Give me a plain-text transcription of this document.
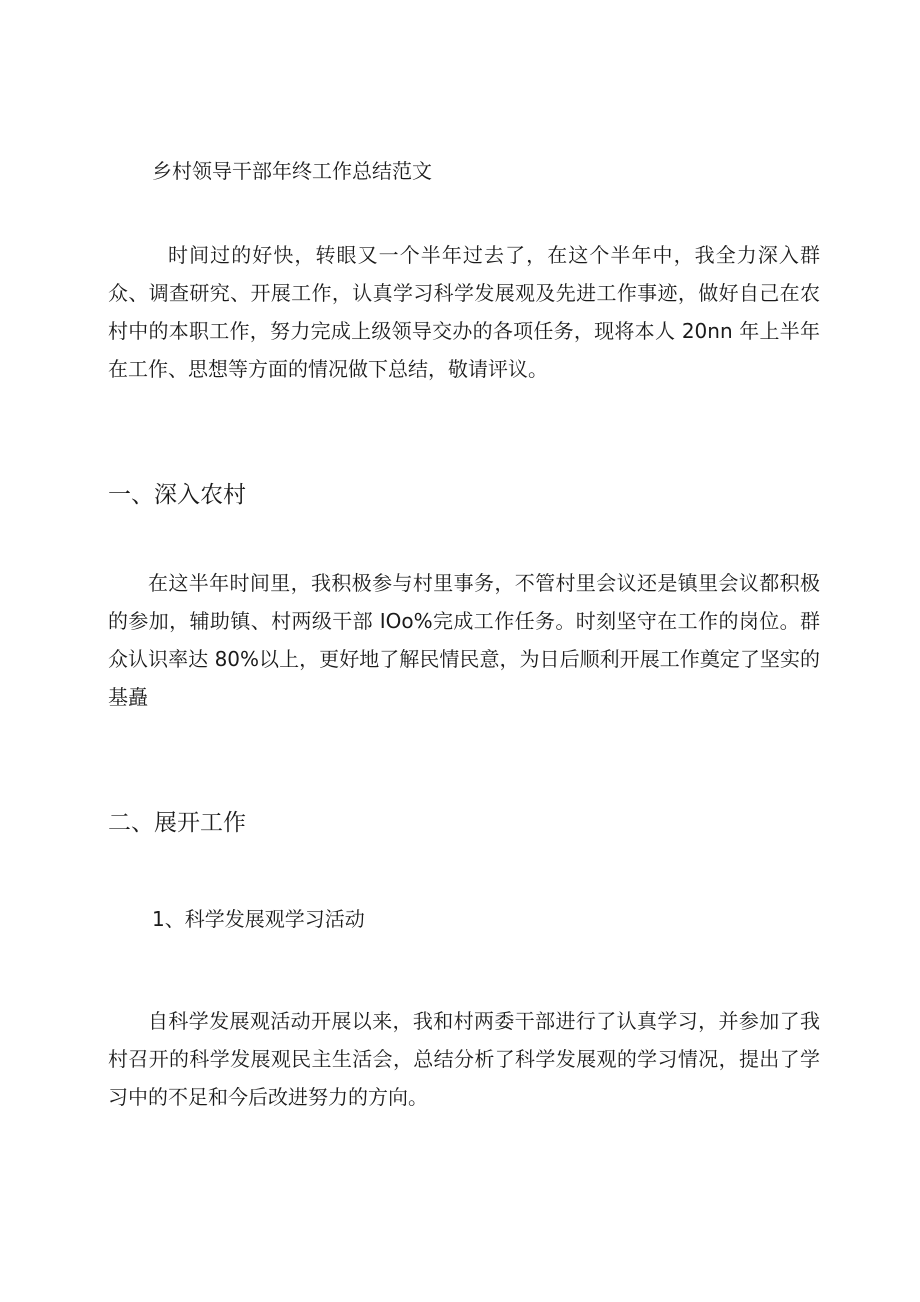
乡村领导干部年终工作总结范文

时间过的好快，转眼又一个半年过去了，在这个半年中，我全力深入群众、调查研究、开展工作，认真学习科学发展观及先进工作事迹，做好自己在农村中的本职工作，努力完成上级领导交办的各项任务，现将本人 20nn 年上半年在工作、思想等方面的情况做下总结，敬请评议。

一、深入农村

在这半年时间里，我积极参与村里事务，不管村里会议还是镇里会议都积极的参加，辅助镇、村两级干部 IOo%完成工作任务。时刻坚守在工作的岗位。群众认识率达 80%以上，更好地了解民情民意，为日后顺利开展工作奠定了坚实的基矗

二、展开工作
1、科学发展观学习活动

自科学发展观活动开展以来，我和村两委干部进行了认真学习，并参加了我村召开的科学发展观民主生活会，总结分析了科学发展观的学习情况，提出了学习中的不足和今后改进努力的方向。
